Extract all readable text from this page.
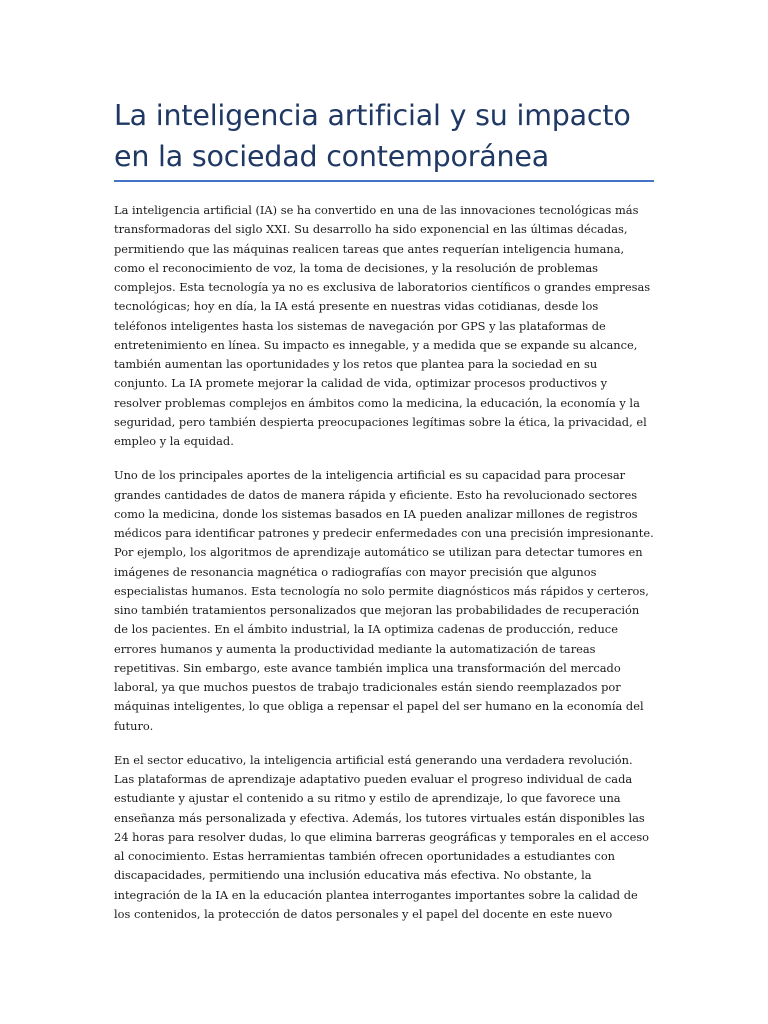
La inteligencia artificial y su impacto en la sociedad contemporánea

La inteligencia artificial (IA) se ha convertido en una de las innovaciones tecnológicas más transformadoras del siglo XXI. Su desarrollo ha sido exponencial en las últimas décadas, permitiendo que las máquinas realicen tareas que antes requerían inteligencia humana, como el reconocimiento de voz, la toma de decisiones, y la resolución de problemas complejos. Esta tecnología ya no es exclusiva de laboratorios científicos o grandes empresas tecnológicas; hoy en día, la IA está presente en nuestras vidas cotidianas, desde los teléfonos inteligentes hasta los sistemas de navegación por GPS y las plataformas de entretenimiento en línea. Su impacto es innegable, y a medida que se expande su alcance, también aumentan las oportunidades y los retos que plantea para la sociedad en su conjunto. La IA promete mejorar la calidad de vida, optimizar procesos productivos y resolver problemas complejos en ámbitos como la medicina, la educación, la economía y la seguridad, pero también despierta preocupaciones legítimas sobre la ética, la privacidad, el empleo y la equidad.

Uno de los principales aportes de la inteligencia artificial es su capacidad para procesar grandes cantidades de datos de manera rápida y eficiente. Esto ha revolucionado sectores como la medicina, donde los sistemas basados en IA pueden analizar millones de registros médicos para identificar patrones y predecir enfermedades con una precisión impresionante. Por ejemplo, los algoritmos de aprendizaje automático se utilizan para detectar tumores en imágenes de resonancia magnética o radiografías con mayor precisión que algunos especialistas humanos. Esta tecnología no solo permite diagnósticos más rápidos y certeros, sino también tratamientos personalizados que mejoran las probabilidades de recuperación de los pacientes. En el ámbito industrial, la IA optimiza cadenas de producción, reduce errores humanos y aumenta la productividad mediante la automatización de tareas repetitivas. Sin embargo, este avance también implica una transformación del mercado laboral, ya que muchos puestos de trabajo tradicionales están siendo reemplazados por máquinas inteligentes, lo que obliga a repensar el papel del ser humano en la economía del futuro.

En el sector educativo, la inteligencia artificial está generando una verdadera revolución. Las plataformas de aprendizaje adaptativo pueden evaluar el progreso individual de cada estudiante y ajustar el contenido a su ritmo y estilo de aprendizaje, lo que favorece una enseñanza más personalizada y efectiva. Además, los tutores virtuales están disponibles las 24 horas para resolver dudas, lo que elimina barreras geográficas y temporales en el acceso al conocimiento. Estas herramientas también ofrecen oportunidades a estudiantes con discapacidades, permitiendo una inclusión educativa más efectiva. No obstante, la integración de la IA en la educación plantea interrogantes importantes sobre la calidad de los contenidos, la protección de datos personales y el papel del docente en este nuevo
